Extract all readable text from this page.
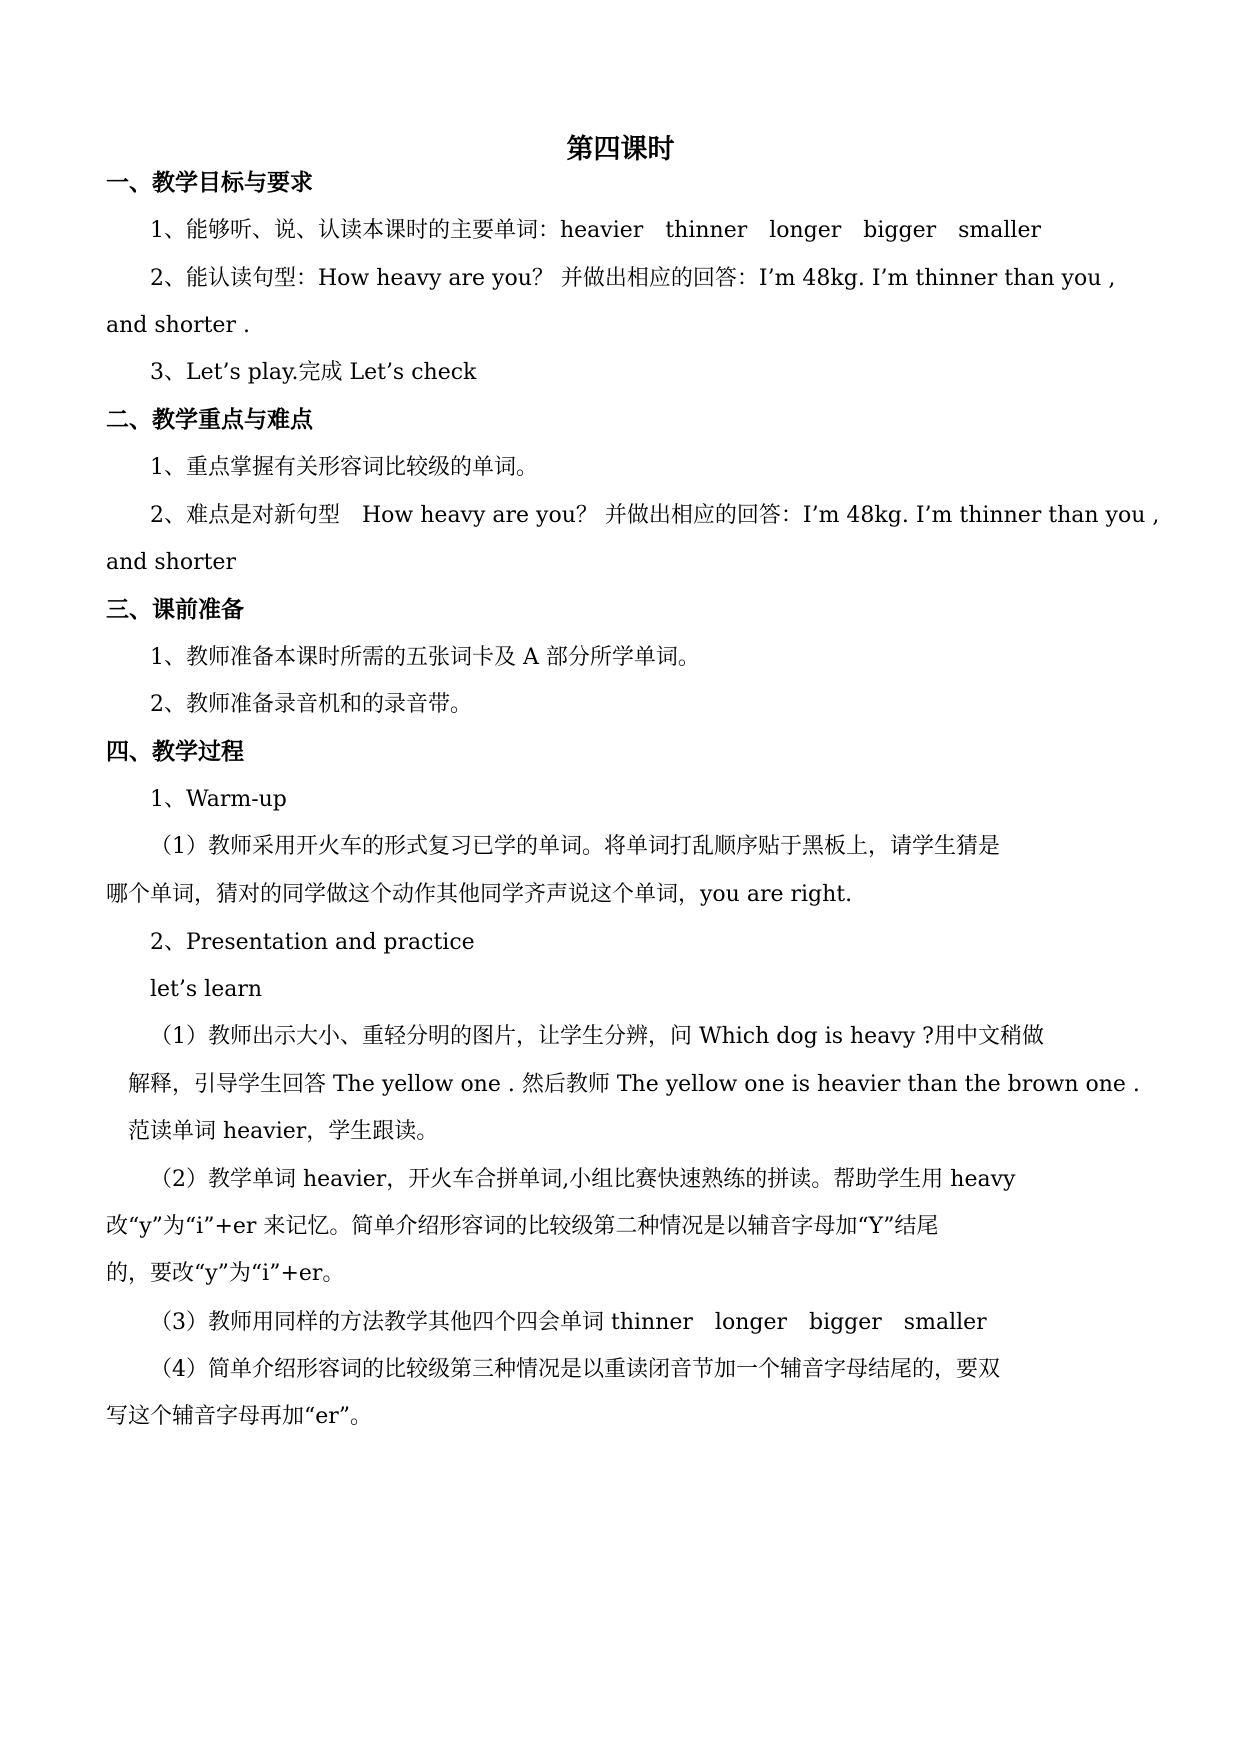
第四课时
一、教学目标与要求
1、能够听、说、认读本课时的主要单词：heavier　thinner　longer　bigger　smaller
2、能认读句型：How heavy are you？ 并做出相应的回答：I’m 48kg. I’m thinner than you ,
and shorter .
3、Let’s play.完成 Let’s check
二、教学重点与难点
1、重点掌握有关形容词比较级的单词。
2、难点是对新句型　How heavy are you？ 并做出相应的回答：I’m 48kg. I’m thinner than you ,
and shorter
三、课前准备
1、教师准备本课时所需的五张词卡及 A 部分所学单词。
2、教师准备录音机和的录音带。
四、教学过程
1、Warm-up
（1）教师采用开火车的形式复习已学的单词。将单词打乱顺序贴于黑板上，请学生猜是
哪个单词，猜对的同学做这个动作其他同学齐声说这个单词，you are right.
2、Presentation and practice
let’s learn
（1）教师出示大小、重轻分明的图片，让学生分辨，问 Which dog is heavy ?用中文稍做
解释，引导学生回答 The yellow one . 然后教师 The yellow one is heavier than the brown one .
范读单词 heavier，学生跟读。
（2）教学单词 heavier，开火车合拼单词,小组比赛快速熟练的拼读。帮助学生用 heavy
改“y”为“i”+er 来记忆。简单介绍形容词的比较级第二种情况是以辅音字母加“Y”结尾
的，要改“y”为“i”+er。
（3）教师用同样的方法教学其他四个四会单词 thinner　longer　bigger　smaller
（4）简单介绍形容词的比较级第三种情况是以重读闭音节加一个辅音字母结尾的，要双
写这个辅音字母再加“er”。
